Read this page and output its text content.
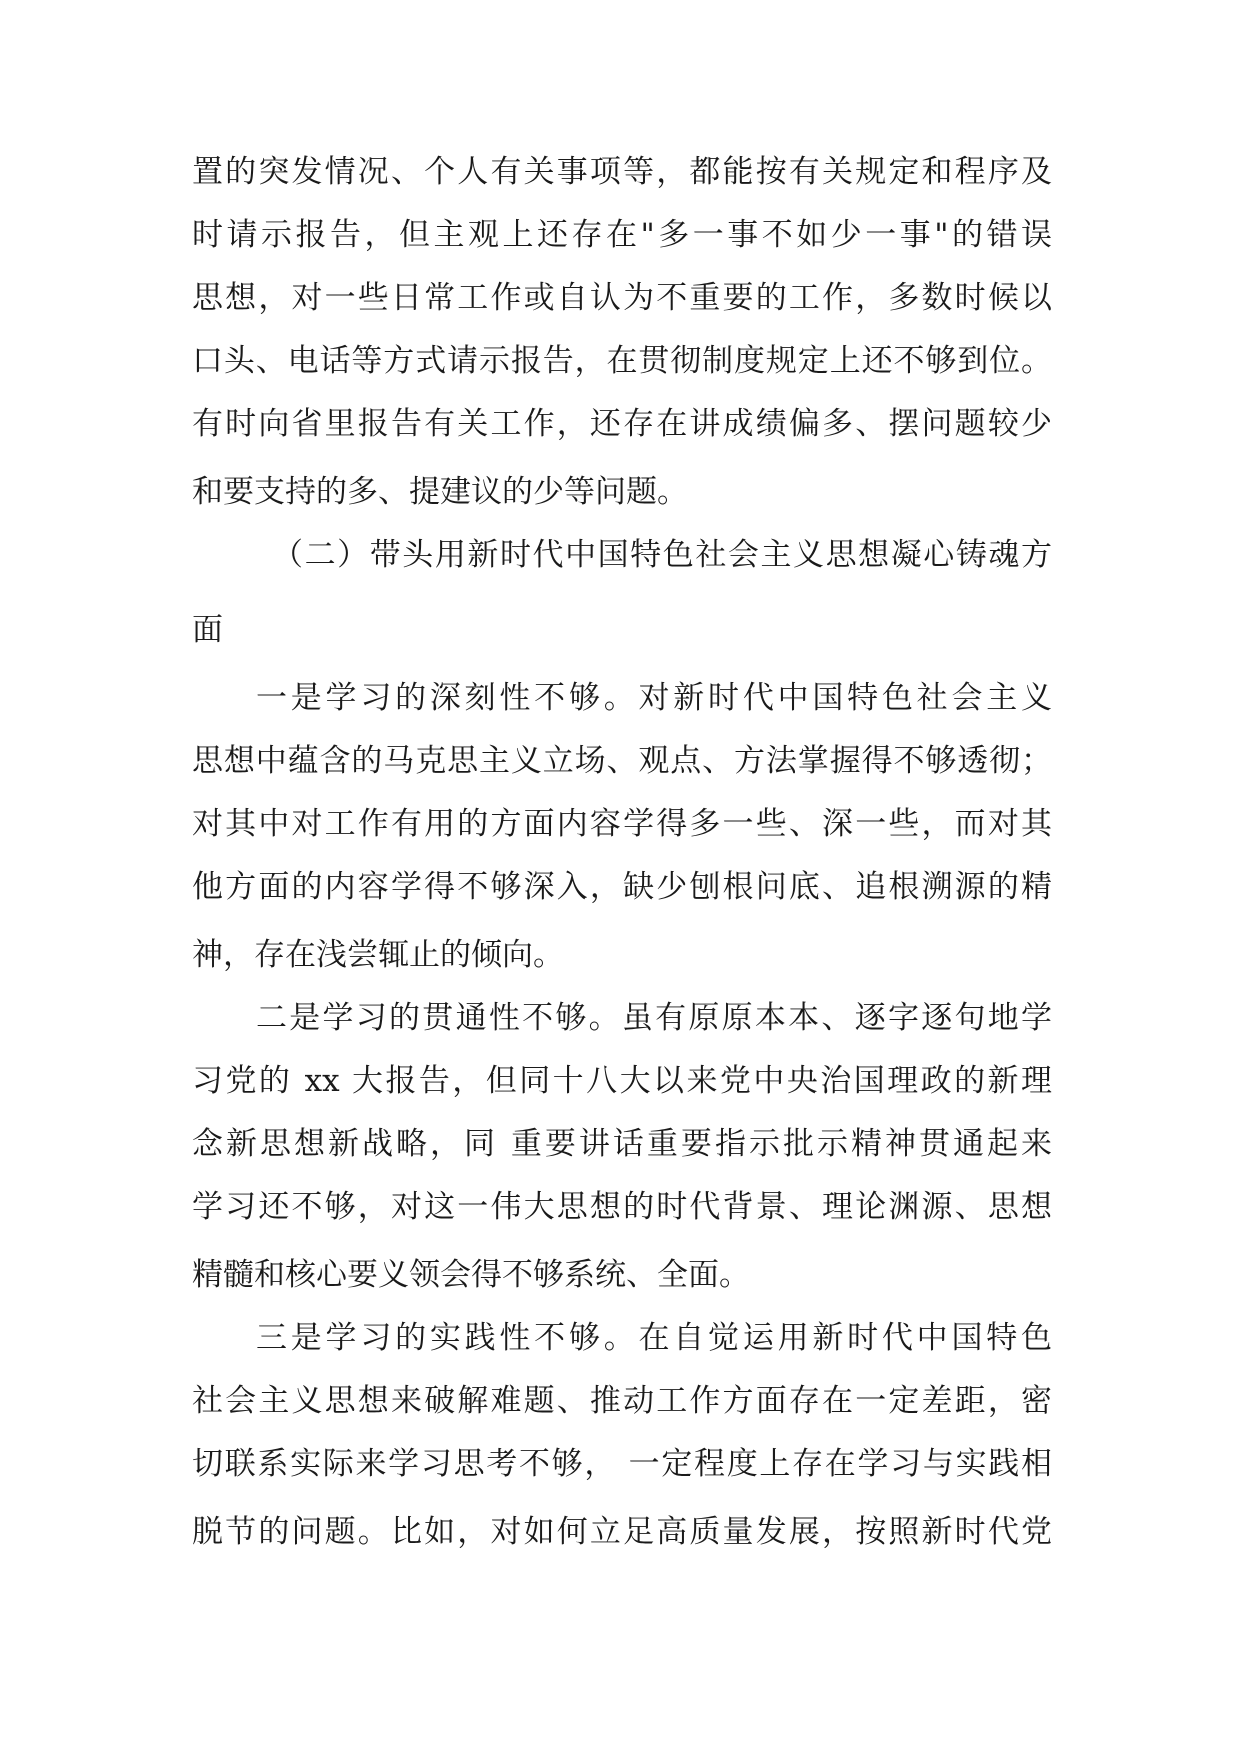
置的突发情况、个人有关事项等，都能按有关规定和程序及
时请示报告，但主观上还存在"多一事不如少一事"的错误
思想，对一些日常工作或自认为不重要的工作，多数时候以
口头、电话等方式请示报告，在贯彻制度规定上还不够到位。
有时向省里报告有关工作，还存在讲成绩偏多、摆问题较少
和要支持的多、提建议的少等问题。
（二）带头用新时代中国特色社会主义思想凝心铸魂方
面
一是学习的深刻性不够。对新时代中国特色社会主义
思想中蕴含的马克思主义立场、观点、方法掌握得不够透彻；
对其中对工作有用的方面内容学得多一些、深一些，而对其
他方面的内容学得不够深入，缺少刨根问底、追根溯源的精
神，存在浅尝辄止的倾向。
二是学习的贯通性不够。虽有原原本本、逐字逐句地学
习党的 xx 大报告，但同十八大以来党中央治国理政的新理
念新思想新战略，同 重要讲话重要指示批示精神贯通起来
学习还不够，对这一伟大思想的时代背景、理论渊源、思想
精髓和核心要义领会得不够系统、全面。
三是学习的实践性不够。在自觉运用新时代中国特色
社会主义思想来破解难题、推动工作方面存在一定差距，密
切联系实际来学习思考不够， 一定程度上存在学习与实践相
脱节的问题。比如，对如何立足高质量发展，按照新时代党
